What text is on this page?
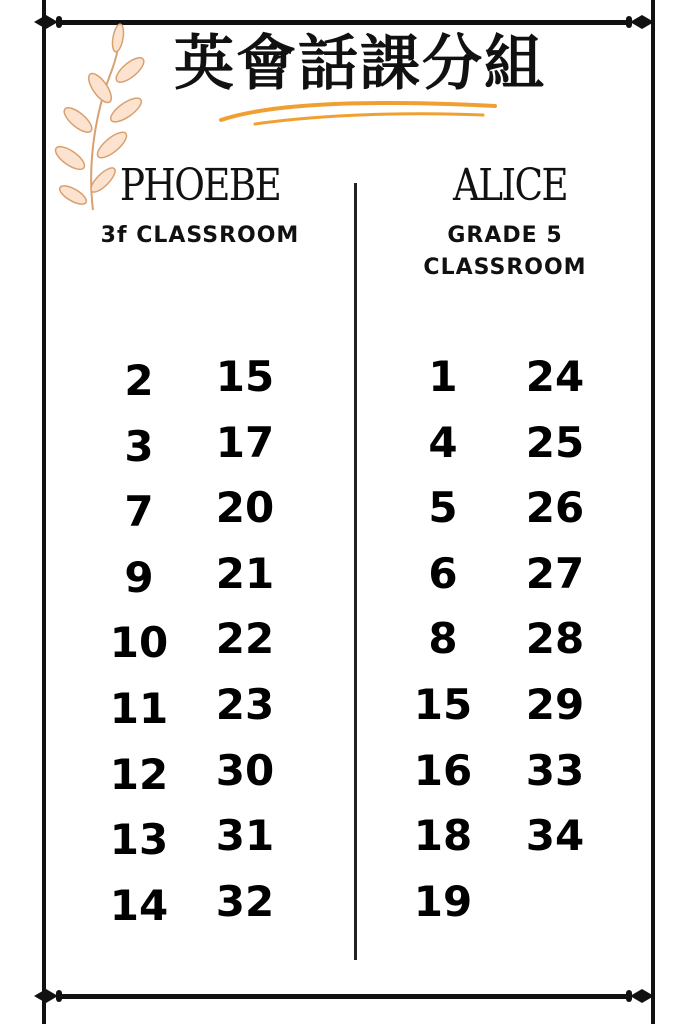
英會話課分組
PHOEBE
3f CLASSROOM
ALICE
GRADE 5
CLASSROOM
2
3
7
9
10
11
12
13
14
15
17
20
21
22
23
30
31
32
1
4
5
6
8
15
16
18
19
24
25
26
27
28
29
33
34
